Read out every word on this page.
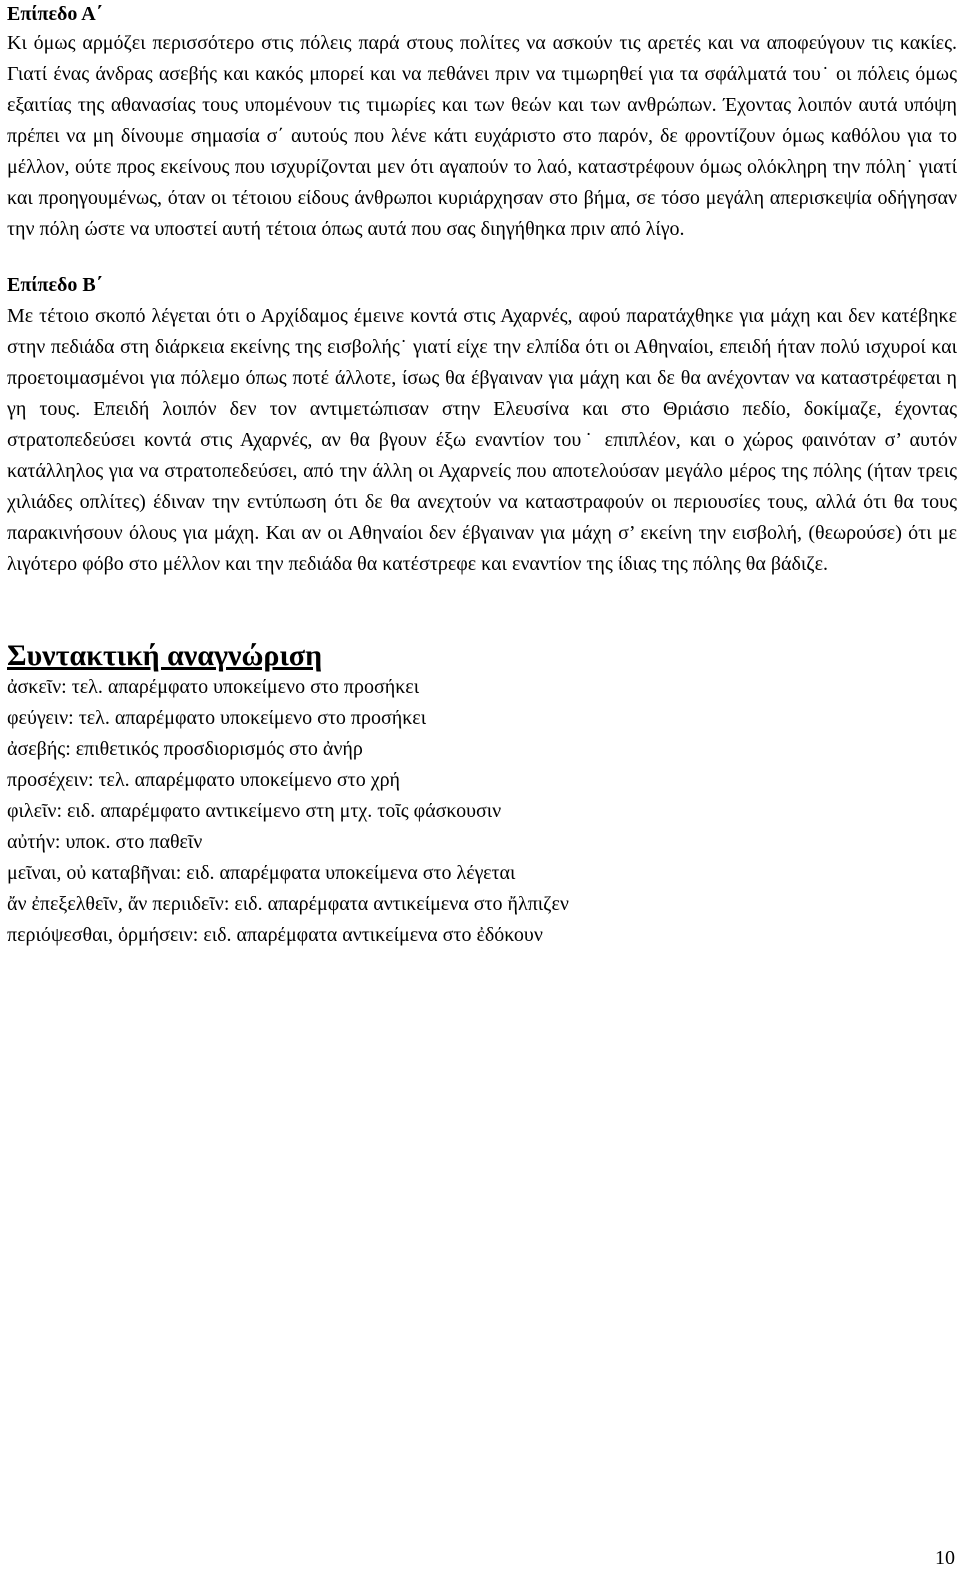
Επίπεδο Α΄

Κι όμως αρμόζει περισσότερο στις πόλεις παρά στους πολίτες να ασκούν τις αρετές και να αποφεύγουν τις κακίες. Γιατί ένας άνδρας ασεβής και κακός μπορεί και να πεθάνει πριν να τιμωρηθεί για τα σφάλματά του˙ οι πόλεις όμως εξαιτίας της αθανασίας τους υπομένουν τις τιμωρίες και των θεών και των ανθρώπων. Έχοντας λοιπόν αυτά υπόψη πρέπει να μη δίνουμε σημασία σ΄ αυτούς που λένε κάτι ευχάριστο στο παρόν, δε φροντίζουν όμως καθόλου για το μέλλον, ούτε προς εκείνους που ισχυρίζονται μεν ότι αγαπούν το λαό, καταστρέφουν όμως ολόκληρη την πόλη˙ γιατί και προηγουμένως, όταν οι τέτοιου είδους άνθρωποι κυριάρχησαν στο βήμα, σε τόσο μεγάλη απερισκεψία οδήγησαν την πόλη ώστε να υποστεί αυτή τέτοια όπως αυτά που σας διηγήθηκα πριν από λίγο.

Επίπεδο Β΄

Με τέτοιο σκοπό λέγεται ότι ο Αρχίδαμος έμεινε κοντά στις Αχαρνές, αφού παρατάχθηκε για μάχη και δεν κατέβηκε στην πεδιάδα στη διάρκεια εκείνης της εισβολής˙ γιατί είχε την ελπίδα ότι οι Αθηναίοι, επειδή ήταν πολύ ισχυροί και προετοιμασμένοι για πόλεμο όπως ποτέ άλλοτε, ίσως θα έβγαιναν για μάχη και δε θα ανέχονταν να καταστρέφεται η γη τους. Επειδή λοιπόν δεν τον αντιμετώπισαν στην Ελευσίνα και στο Θριάσιο πεδίο, δοκίμαζε, έχοντας στρατοπεδεύσει κοντά στις Αχαρνές, αν θα βγουν έξω εναντίον του˙ επιπλέον, και ο χώρος φαινόταν σ’ αυτόν κατάλληλος για να στρατοπεδεύσει, από την άλλη οι Αχαρνείς που αποτελούσαν μεγάλο μέρος της πόλης (ήταν τρεις χιλιάδες οπλίτες) έδιναν την εντύπωση ότι δε θα ανεχτούν να καταστραφούν οι περιουσίες τους, αλλά ότι θα τους παρακινήσουν όλους για μάχη. Και αν οι Αθηναίοι δεν έβγαιναν για μάχη σ’ εκείνη την εισβολή, (θεωρούσε) ότι με λιγότερο φόβο στο μέλλον και την πεδιάδα θα κατέστρεφε και εναντίον της ίδιας της πόλης θα βάδιζε.

Συντακτική αναγνώριση
ἀσκεῖν: τελ. απαρέμφατο υποκείμενο στο προσήκει
φεύγειν: τελ. απαρέμφατο υποκείμενο στο προσήκει
ἀσεβής: επιθετικός προσδιορισμός στο ἀνήρ
προσέχειν: τελ. απαρέμφατο υποκείμενο στο χρή
φιλεῖν: ειδ. απαρέμφατο αντικείμενο στη μτχ. τοῖς φάσκουσιν
αὐτήν: υποκ. στο παθεῖν
μεῖναι, οὐ καταβῆναι: ειδ. απαρέμφατα υποκείμενα στο λέγεται
ἄν ἐπεξελθεῖν, ἄν περιιδεῖν: ειδ. απαρέμφατα αντικείμενα στο ἤλπιζεν
περιόψεσθαι, ὁρμήσειν: ειδ. απαρέμφατα αντικείμενα στο ἐδόκουν
10
